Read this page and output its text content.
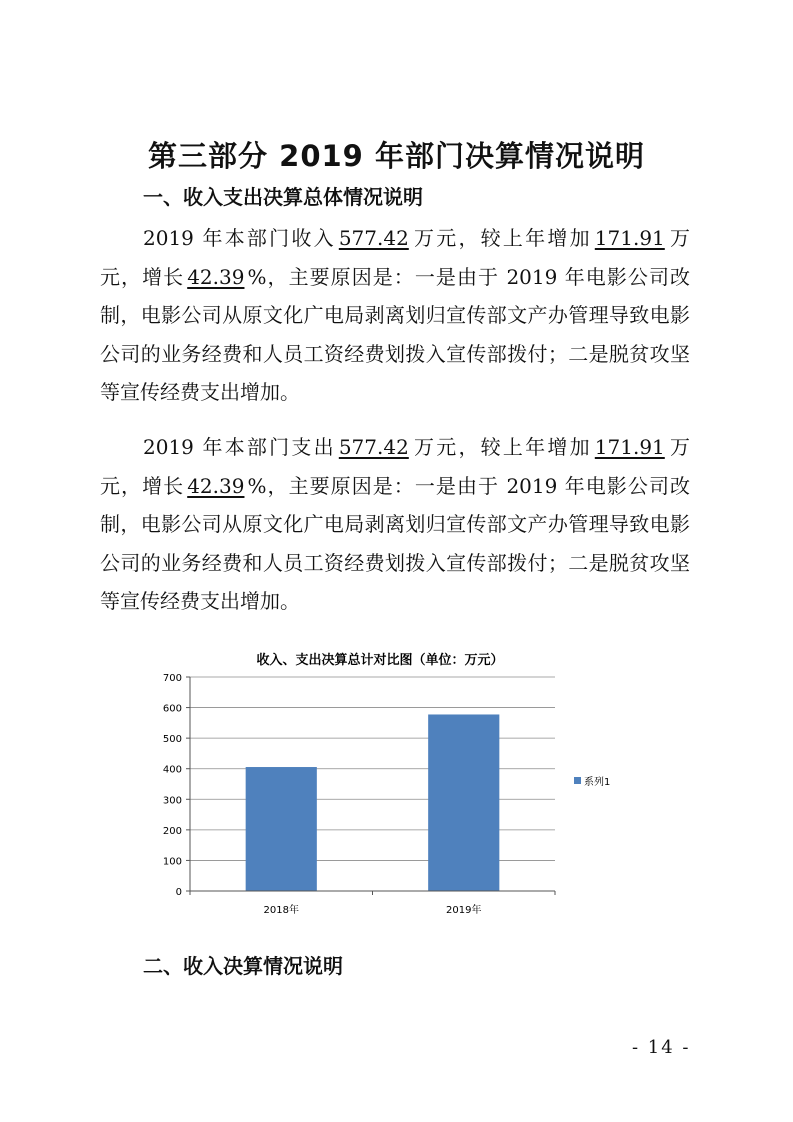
第三部分 2019 年部门决算情况说明
一、收入支出决算总体情况说明

2019 年本部门收入 577.42 万元，较上年增加 171.91 万元，增长 42.39 %，主要原因是：一是由于 2019 年电影公司改制，电影公司从原文化广电局剥离划归宣传部文产办管理导致电影公司的业务经费和人员工资经费划拨入宣传部拨付；二是脱贫攻坚等宣传经费支出增加。

2019 年本部门支出 577.42 万元，较上年增加 171.91 万元，增长 42.39 %，主要原因是：一是由于 2019 年电影公司改制，电影公司从原文化广电局剥离划归宣传部文产办管理导致电影公司的业务经费和人员工资经费划拨入宣传部拨付；二是脱贫攻坚等宣传经费支出增加。

收入、支出决算总计对比图（单位：万元）
0
100
200
300
400
500
600
700
2018年	2019年
系列1
二、收入决算情况说明
- 14 -
